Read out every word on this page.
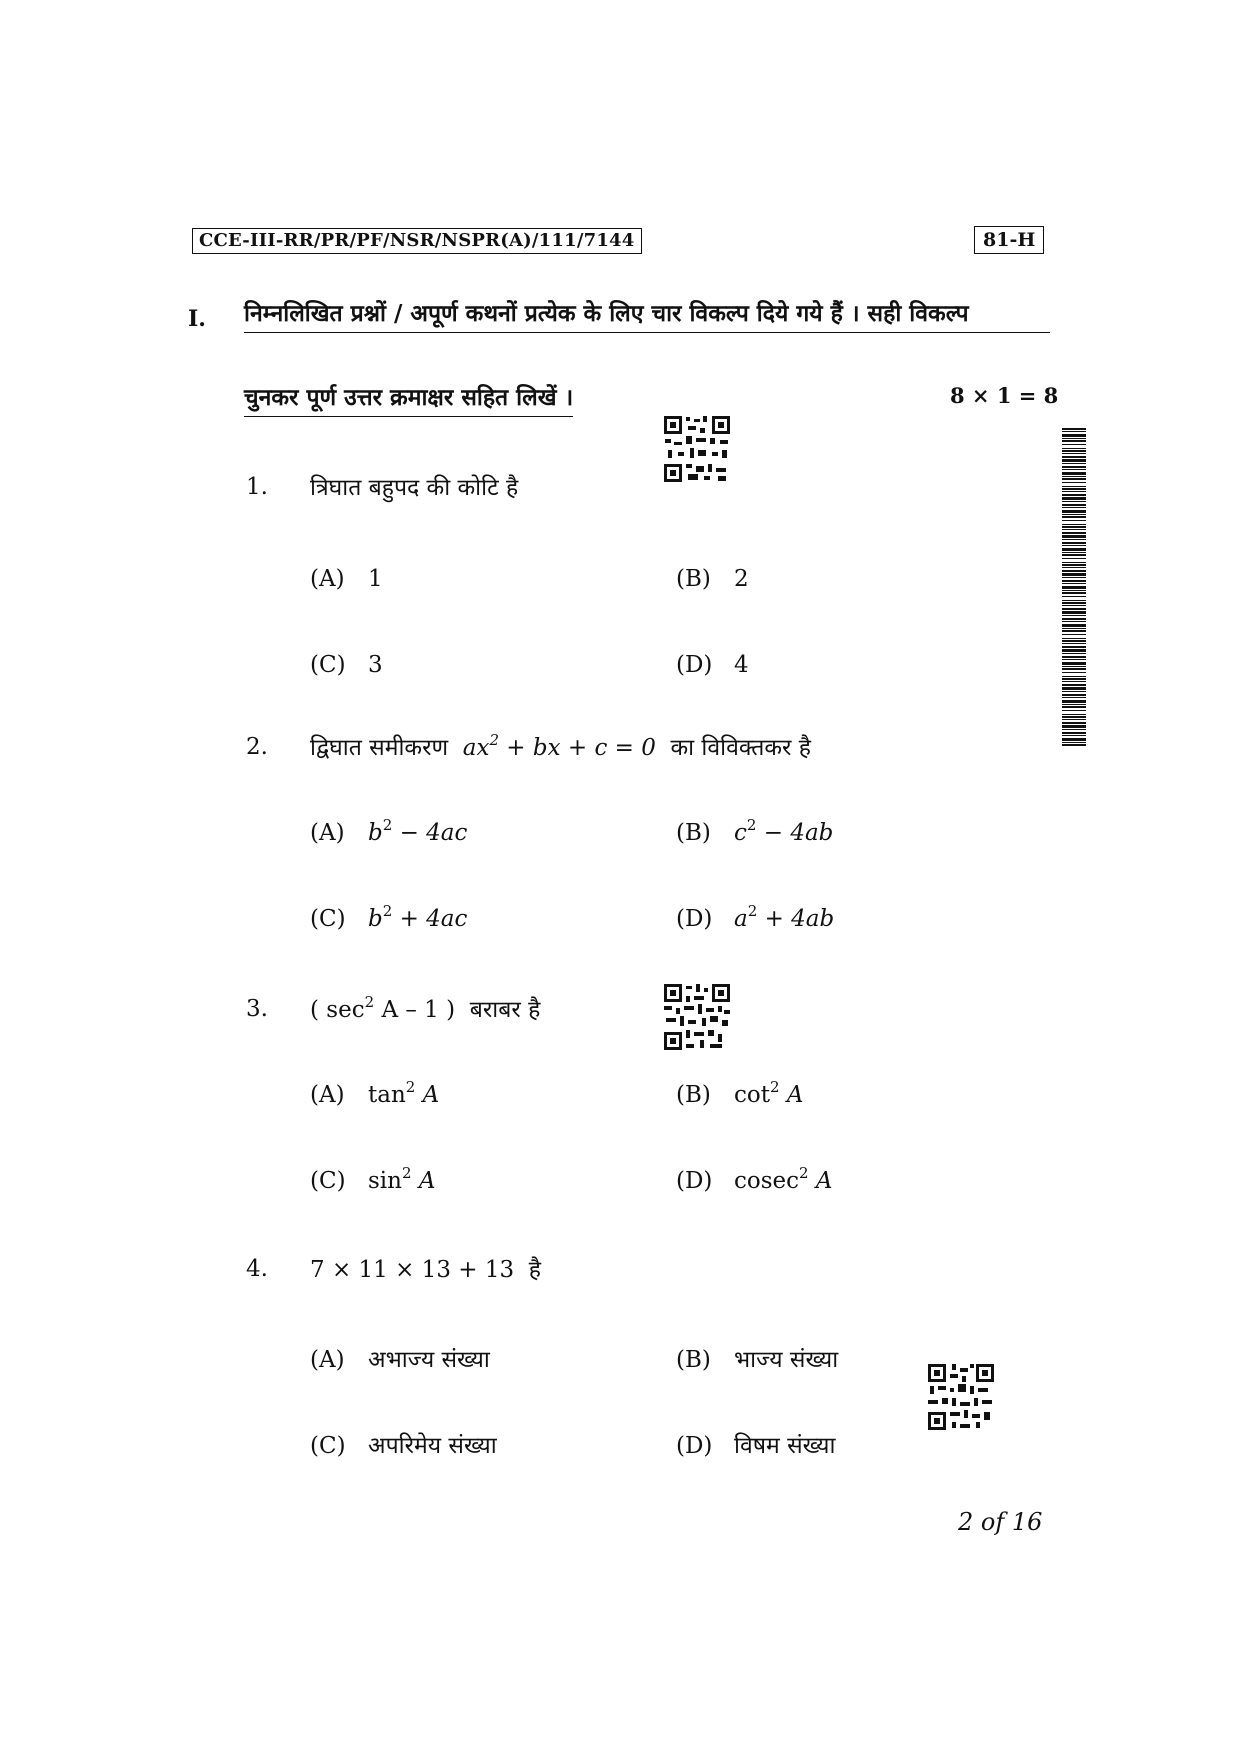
CCE-III-RR/PR/PF/NSR/NSPR(A)/111/7144	81-H
I. निम्नलिखित प्रश्नों / अपूर्ण कथनों प्रत्येक के लिए चार विकल्प दिये गये हैं । सही विकल्प
चुनकर पूर्ण उत्तर क्रमाक्षर सहित लिखें ।	8 × 1 = 8
1. त्रिघात बहुपद की कोटि है
(A) 1	(B) 2
(C) 3	(D) 4
2. द्विघात समीकरण $ax^2$ + bx + c = 0 का विविक्तकर है
(A) $b^2 - 4ac$	(B) $c^2 - 4ab$
(C) $b^2 + 4ac$	(D) $a^2 + 4ab$
3. ( $\sec^2 A - 1$ ) बराबर है
(A) $\tan^2 A$	(B) $\cot^2 A$
(C) $\sin^2 A$	(D) cosec$^2$ A
4. 7 × 11 × 13 + 13 है
(A) अभाज्य संख्या	(B) भाज्य संख्या
(C) अपरिमेय संख्या	(D) विषम संख्या
2 of 16
